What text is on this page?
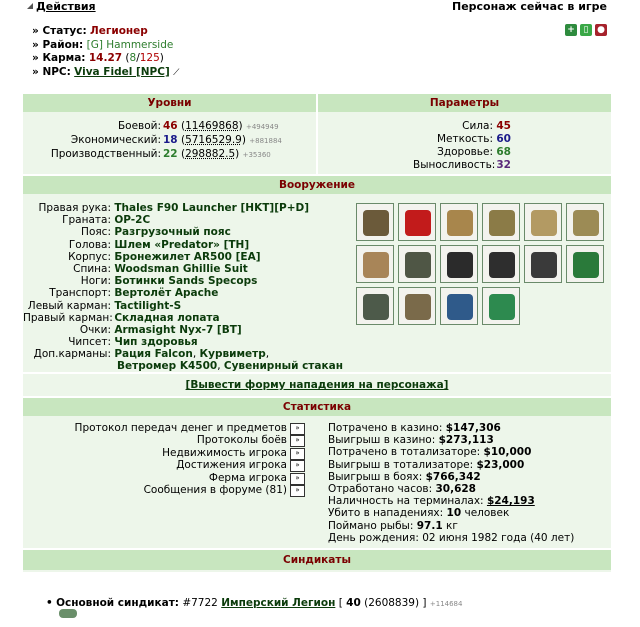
Действия	Персонаж сейчас в игре
+ ▯ ●
» Статус: Легионер
» Район: [G] Hammerside
» Карма: 14.27 (8/125)
» NPC: Viva Fidel [NPC] ⟋
Уровни	Параметры
Боевой: 46 (11469868) +494949
Экономический: 18 (5716529.9) +881884
Производственный: 22 (298882.5) +35360
Сила: 45
Меткость: 60
Здоровье: 68
Выносливость: 32
Вооружение
Правая рука: Thales F90 Launcher [HKT][P+D]
Граната: OP-2C
Пояс: Разгрузочный пояс
Голова: Шлем «Predator» [TH]
Корпус: Бронежилет AR500 [EA]
Спина: Woodsman Ghillie Suit
Ноги: Ботинки Sands Specops
Транспорт: Вертолёт Apache
Левый карман: Tactilight-S
Правый карман: Складная лопата
Очки: Armasight Nyx-7 [BT]
Чипсет: Чип здоровья
Доп.карманы: Рация Falcon, Курвиметр,
Ветромер K4500, Сувенирный стакан
[Вывести форму нападения на персонажа]
Статистика
Протокол передач денег и предметов »
Протоколы боёв »
Недвижимость игрока »
Достижения игрока »
Ферма игрока »
Сообщения в форуме (81) »
Потрачено в казино: $147,306
Выигрыш в казино: $273,113
Потрачено в тотализаторе: $10,000
Выигрыш в тотализаторе: $23,000
Выигрыш в боях: $766,342
Отработано часов: 30,628
Наличность на терминалах: $24,193
Убито в нападениях: 10 человек
Поймано рыбы: 97.1 кг
День рождения: 02 июня 1982 года (40 лет)
Синдикаты
• Основной синдикат: #7722 Имперский Легион [ 40 (2608839) ] +114684
